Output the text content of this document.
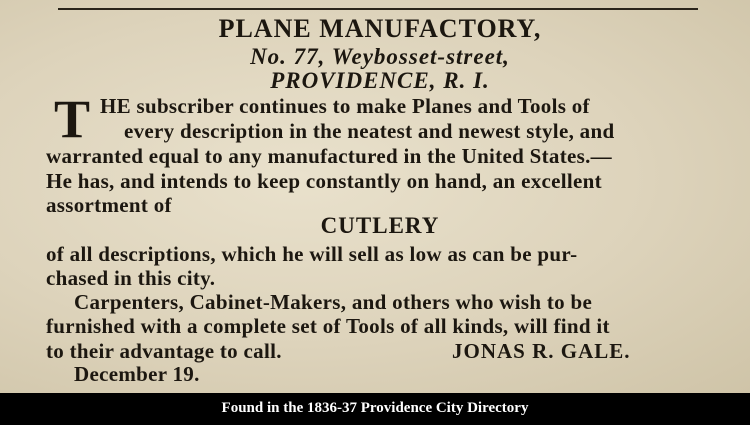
PLANE MANUFACTORY,
No. 77, Weybosset-street,
PROVIDENCE, R. I.
T HE subscriber continues to make Planes and Tools of
every description in the neatest and newest style, and
warranted equal to any manufactured in the United States.—
He has, and intends to keep constantly on hand, an excellent
assortment of
CUTLERY
of all descriptions, which he will sell as low as can be pur-
chased in this city.
Carpenters, Cabinet-Makers, and others who wish to be
furnished with a complete set of Tools of all kinds, will find it
to their advantage to call.	JONAS R. GALE.
December 19.
Found in the 1836-37 Providence City Directory
